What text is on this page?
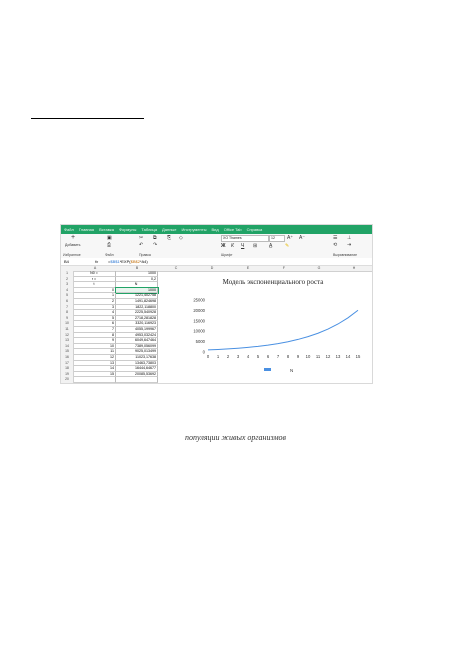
Файл Главная Вставка Формулы Таблица Данные Инструменты Вид Office Tab Справка
+
Добавить
Избранное
▣
⎙
Файл
✂ ⧉ ⎘
↶ ↷
◇
Правка
XO Thames	12	A⁺ A⁻
Ж К Ч ⊞ A̲	✎
Шрифт
☰ ⊥
⟲ ⇥
Выравнивание
B4	fx =$B$1*EXP($B$2*A4)
A	B	C	D	E	F	G	H
1	N0 =	1000
2	r =	0,2
3	t	N
4	0	1000
5	1	1221,402758
6	2	1491,824698
7	3	1822,118800
8	4	2225,540928
9	5	2718,281828
10	6	3320,116923
11	7	4055,199967
12	8	4953,032424
13	9	6049,647464
14	10	7389,056099
15	11	9025,013499
16	12	11023,17638
17	13	13463,73803
18	14	16444,64677
19	15	20085,53692
20
Модель экспоненциального роста
25000
20000
15000
10000
5000
0
0 1 2 3 4 5 6 7 8 9 10 11 12 13 14 15
N
популяции живых организмов
